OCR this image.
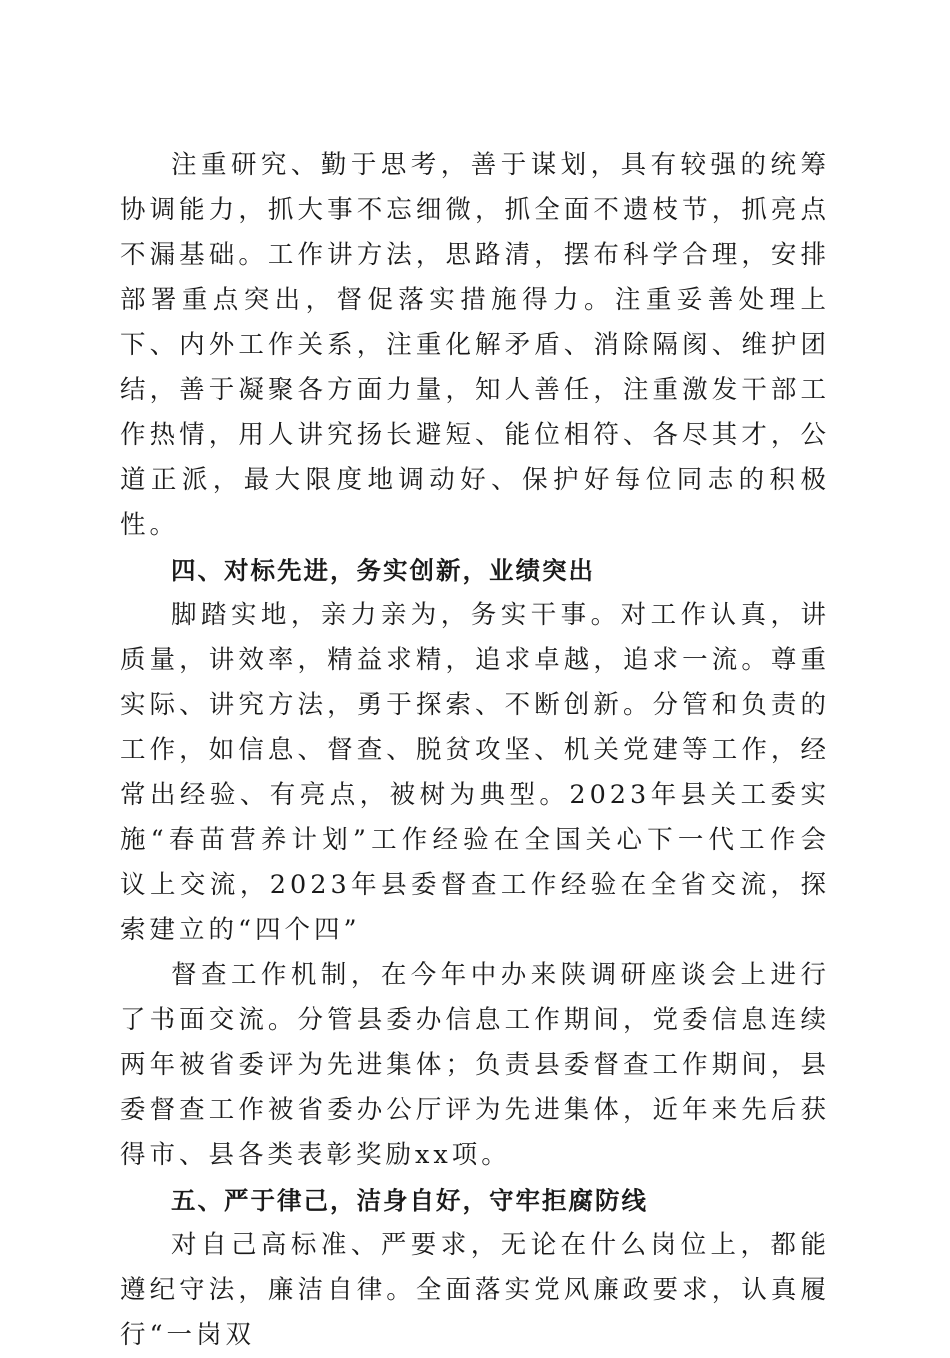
注重研究、勤于思考，善于谋划，具有较强的统筹协调能力，抓大事不忘细微，抓全面不遗枝节，抓亮点不漏基础。工作讲方法，思路清，摆布科学合理，安排部署重点突出，督促落实措施得力。注重妥善处理上下、内外工作关系，注重化解矛盾、消除隔阂、维护团结，善于凝聚各方面力量，知人善任，注重激发干部工作热情，用人讲究扬长避短、能位相符、各尽其才，公道正派，最大限度地调动好、保护好每位同志的积极性。

四、对标先进，务实创新，业绩突出

脚踏实地，亲力亲为，务实干事。对工作认真，讲质量，讲效率，精益求精，追求卓越，追求一流。尊重实际、讲究方法，勇于探索、不断创新。分管和负责的工作，如信息、督查、脱贫攻坚、机关党建等工作，经常出经验、有亮点，被树为典型。2023年县关工委实施“春苗营养计划”工作经验在全国关心下一代工作会议上交流，2023年县委督查工作经验在全省交流，探索建立的“四个四”

督查工作机制，在今年中办来陕调研座谈会上进行了书面交流。分管县委办信息工作期间，党委信息连续两年被省委评为先进集体；负责县委督查工作期间，县委督查工作被省委办公厅评为先进集体，近年来先后获得市、县各类表彰奖励xx项。

五、严于律己，洁身自好，守牢拒腐防线

对自己高标准、严要求，无论在什么岗位上，都能遵纪守法，廉洁自律。全面落实党风廉政要求，认真履行“一岗双
